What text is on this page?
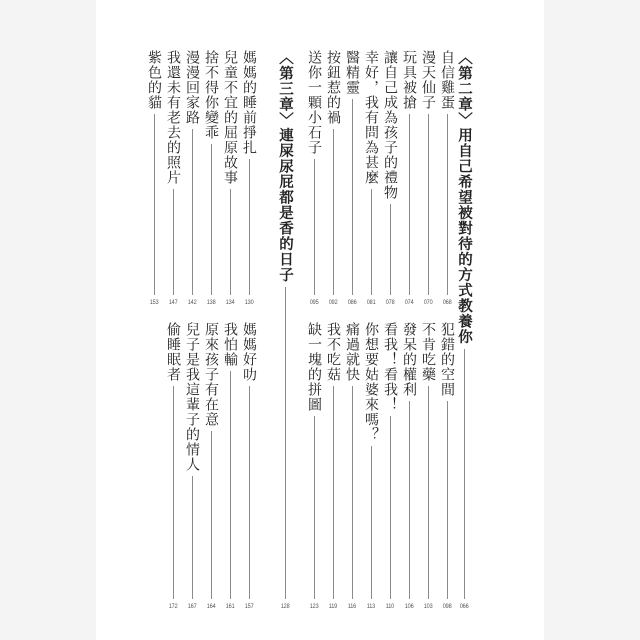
〈第二章〉用自己希望被對待的方式教養你
066
自信雞蛋
068
漫天仙子
070
玩具被搶
074
讓自己成為孩子的禮物
078
幸好，我有問為甚麼
081
醫精靈
086
按鈕惹的禍
092
送你一顆小石子
095
犯錯的空間
098
不肯吃藥
103
發呆的權利
106
看我！看我！
110
你想要姑婆來嗎？
113
痛過就快
116
我不吃菇
119
缺一塊的拼圖
123
〈第三章〉連屎尿屁都是香的日子
128
媽媽的睡前掙扎
130
兒童不宜的屈原故事
134
捨不得你變乖
138
漫漫回家路
142
我還未有老去的照片
147
紫色的貓
153
媽媽好叻
157
我怕輸
161
原來孩子有在意
164
兒子是我這輩子的情人
167
偷睡眠者
172
